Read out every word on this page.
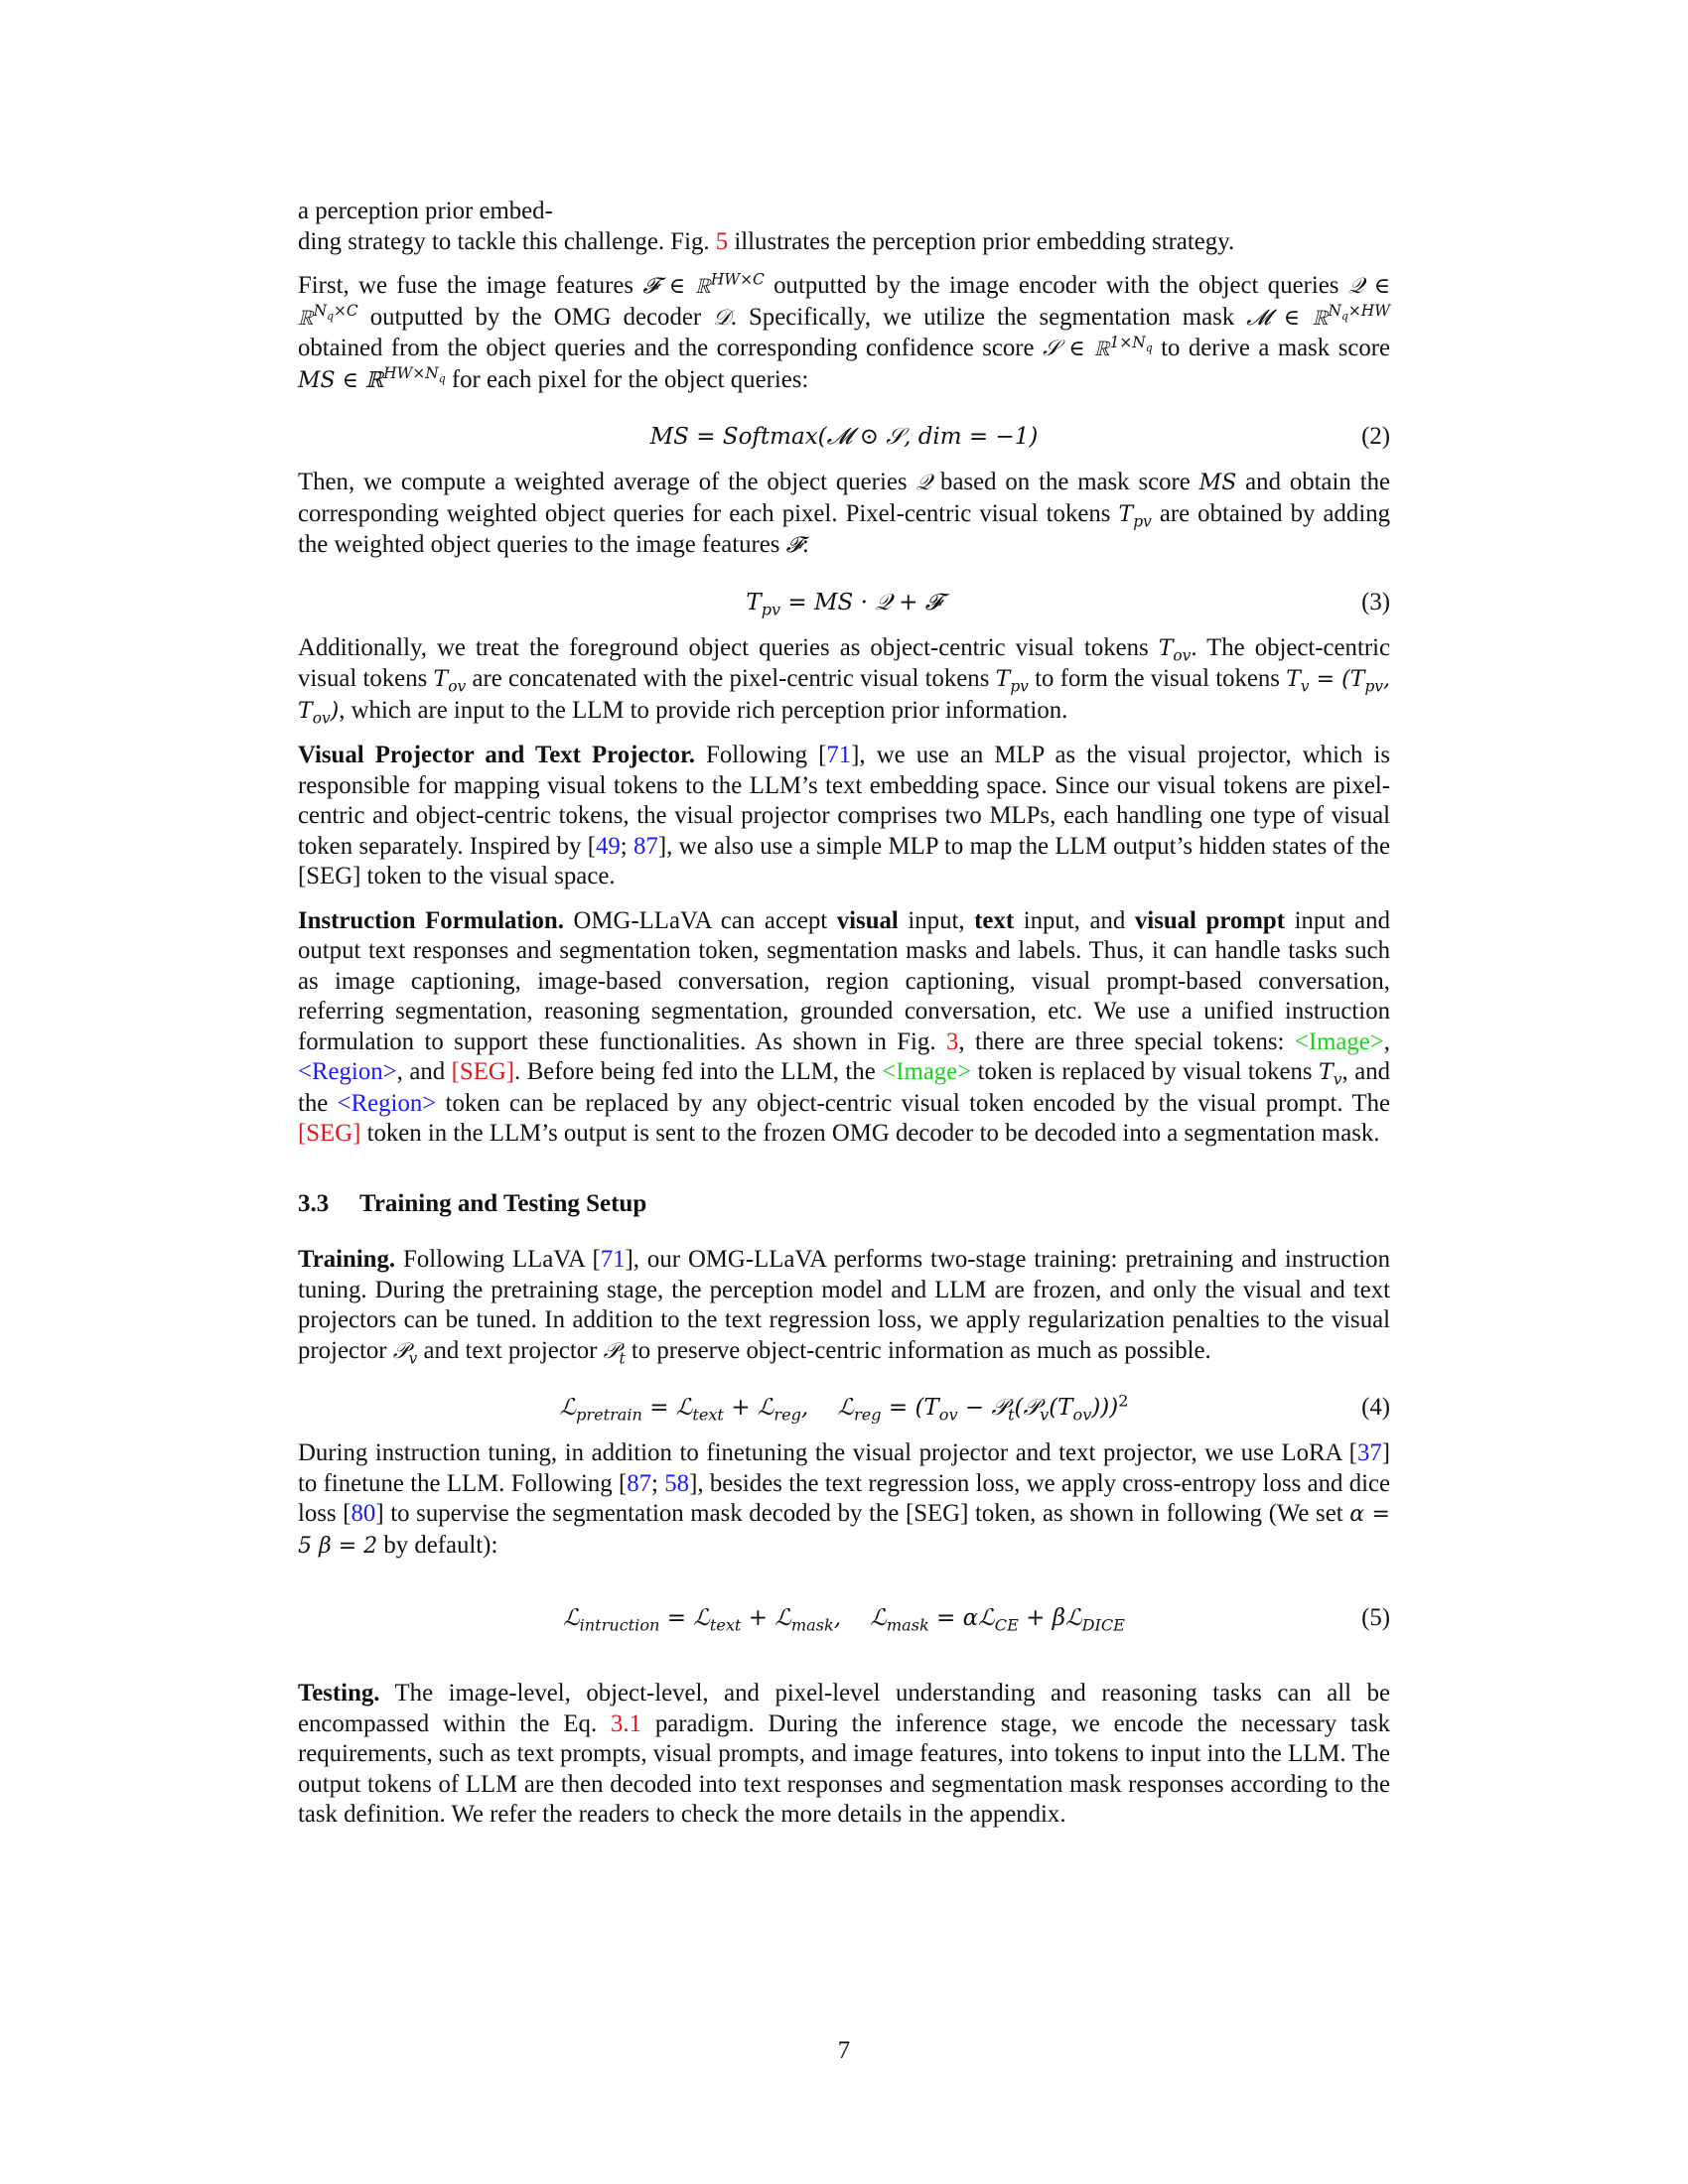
a perception prior embed-
ding strategy to tackle this challenge. Fig. 5 illustrates the perception prior embedding strategy.

First, we fuse the image features 𝓕 ∈ ℝ$^{HW\times C}$ outputted by the image encoder with the object queries 𝒬 ∈ ℝ$^{N_q\times C}$ outputted by the OMG decoder 𝒟. Specifically, we utilize the segmentation mask 𝓜 ∈ ℝ$^{N_q\times HW}$ obtained from the object queries and the corresponding confidence score 𝒮 ∈ ℝ$^{1\times N_q}$ to derive a mask score MS ∈ ℝ$^{HW\times N_q}$ for each pixel for the object queries:

MS = Softmax(𝓜 ⊙ 𝒮, dim = −1)	(2)

Then, we compute a weighted average of the object queries 𝒬 based on the mask score MS and obtain the corresponding weighted object queries for each pixel. Pixel-centric visual tokens $T_{pv}$ are obtained by adding the weighted object queries to the image features 𝓕:

$T_{pv}$ = MS · 𝒬 + 𝓕	(3)

Additionally, we treat the foreground object queries as object-centric visual tokens $T_{ov}$. The object-centric visual tokens $T_{ov}$ are concatenated with the pixel-centric visual tokens $T_{pv}$ to form the visual tokens $T_v = (T_{pv}$, $T_{ov}$), which are input to the LLM to provide rich perception prior information.

Visual Projector and Text Projector. Following [71], we use an MLP as the visual projector, which is responsible for mapping visual tokens to the LLM’s text embedding space. Since our visual tokens are pixel-centric and object-centric tokens, the visual projector comprises two MLPs, each handling one type of visual token separately. Inspired by [49; 87], we also use a simple MLP to map the LLM output’s hidden states of the [SEG] token to the visual space.

Instruction Formulation. OMG-LLaVA can accept visual input, text input, and visual prompt input and output text responses and segmentation token, segmentation masks and labels. Thus, it can handle tasks such as image captioning, image-based conversation, region captioning, visual prompt-based conversation, referring segmentation, reasoning segmentation, grounded conversation, etc. We use a unified instruction formulation to support these functionalities. As shown in Fig. 3, there are three special tokens: <Image>, <Region>, and [SEG]. Before being fed into the LLM, the <Image> token is replaced by visual tokens $T_v$, and the <Region> token can be replaced by any object-centric visual token encoded by the visual prompt. The [SEG] token in the LLM’s output is sent to the frozen OMG decoder to be decoded into a segmentation mask.

3.3 Training and Testing Setup

Training. Following LLaVA [71], our OMG-LLaVA performs two-stage training: pretraining and instruction tuning. During the pretraining stage, the perception model and LLM are frozen, and only the visual and text projectors can be tuned. In addition to the text regression loss, we apply regularization penalties to the visual projector 𝒫$_v$ and text projector 𝒫$_t$ to preserve object-centric information as much as possible.

ℒ$_{pretrain}$ = ℒ$_{text}$ + ℒ$_{reg}$,    ℒ$_{reg}$ = ($T_{ov}$ − $𝒫_t(𝒫_v(T_{ov})))^2$	(4)

During instruction tuning, in addition to finetuning the visual projector and text projector, we use LoRA [37] to finetune the LLM. Following [87; 58], besides the text regression loss, we apply cross-entropy loss and dice loss [80] to supervise the segmentation mask decoded by the [SEG] token, as shown in following (We set α = 5 β = 2 by default):

ℒ$_{intruction}$ = ℒ$_{text}$ + ℒ$_{mask}$,    ℒ$_{mask}$ = αℒ$_{CE}$ + βℒ$_{DICE}$	(5)

Testing. The image-level, object-level, and pixel-level understanding and reasoning tasks can all be encompassed within the Eq. 3.1 paradigm. During the inference stage, we encode the necessary task requirements, such as text prompts, visual prompts, and image features, into tokens to input into the LLM. The output tokens of LLM are then decoded into text responses and segmentation mask responses according to the task definition. We refer the readers to check the more details in the appendix.

7
